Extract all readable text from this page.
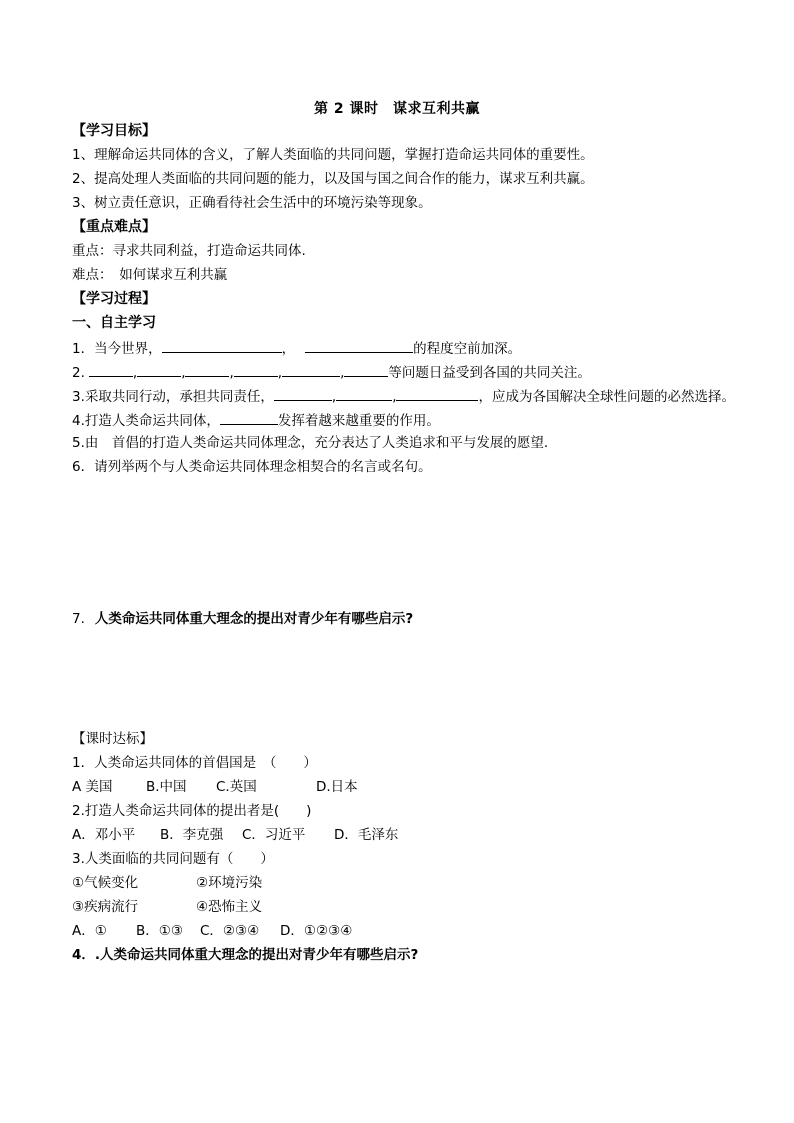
第 2 课时　谋求互利共赢
【学习目标】
1、理解命运共同体的含义，了解人类面临的共同问题，掌握打造命运共同体的重要性。
2、提高处理人类面临的共同问题的能力，以及国与国之间合作的能力，谋求互利共赢。
3、树立责任意识，正确看待社会生活中的环境污染等现象。
【重点难点】
重点：寻求共同利益，打造命运共同体.
难点：　如何谋求互利共赢
【学习过程】
一、自主学习
1．当今世界，	，	的程度空前加深。
2.	,	,	,	,	,	等问题日益受到各国的共同关注。
3.采取共同行动，承担共同责任，	,	,	，应成为各国解决全球性问题的必然选择。
4.打造人类命运共同体，	发挥着越来越重要的作用。
5.由　首倡的打造人类命运共同体理念，充分表达了人类追求和平与发展的愿望.
6．请列举两个与人类命运共同体理念相契合的名言或名句。
7. 人类命运共同体重大理念的提出对青少年有哪些启示?
【课时达标】
1．人类命运共同体的首倡国是　（　　）
A 美国 B.中国 C.英国	D.日本
2.打造人类命运共同体的提出者是(　　)
A．邓小平 B．李克强 C．习近平 D．毛泽东
3.人类面临的共同问题有（　　）
①气候变化	②环境污染
③疾病流行	④恐怖主义
A．① B．①③ C．②③④ D．①②③④
4．.人类命运共同体重大理念的提出对青少年有哪些启示?
